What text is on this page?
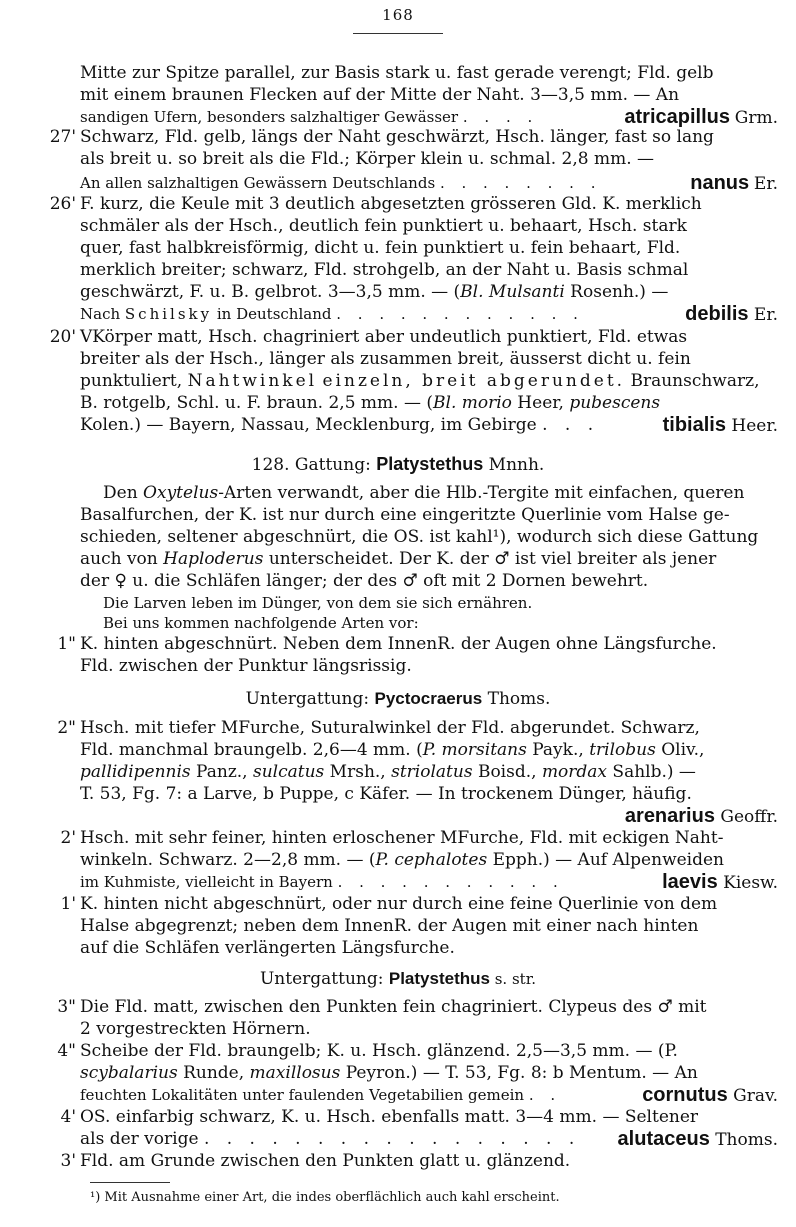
168
Mitte zur Spitze parallel, zur Basis stark u. fast gerade verengt; Fld. gelb
mit einem braunen Flecken auf der Mitte der Naht. 3—3,5 mm. — An
sandigen Ufern, besonders salzhaltiger Gewässer . . . .	atricapillus Grm.
27' Schwarz, Fld. gelb, längs der Naht geschwärzt, Hsch. länger, fast so lang
als breit u. so breit als die Fld.; Körper klein u. schmal. 2,8 mm. —
An allen salzhaltigen Gewässern Deutschlands . . . . . . . .	nanus Er.
26' F. kurz, die Keule mit 3 deutlich abgesetzten grösseren Gld. K. merklich
schmäler als der Hsch., deutlich fein punktiert u. behaart, Hsch. stark
quer, fast halbkreisförmig, dicht u. fein punktiert u. fein behaart, Fld.
merklich breiter; schwarz, Fld. strohgelb, an der Naht u. Basis schmal
geschwärzt, F. u. B. gelbrot. 3—3,5 mm. — (Bl. Mulsanti Rosenh.) —
Nach Schilsky in Deutschland . . . . . . . . . . . .	debilis Er.
20' VKörper matt, Hsch. chagriniert aber undeutlich punktiert, Fld. etwas
breiter als der Hsch., länger als zusammen breit, äusserst dicht u. fein
punktuliert, Nahtwinkel einzeln, breit abgerundet. Braunschwarz,
B. rotgelb, Schl. u. F. braun. 2,5 mm. — (Bl. morio Heer, pubescens
Kolen.) — Bayern, Nassau, Mecklenburg, im Gebirge . . .	tibialis Heer.
128. Gattung: Platystethus Mnnh.
Den Oxytelus-Arten verwandt, aber die Hlb.-Tergite mit einfachen, queren
Basalfurchen, der K. ist nur durch eine eingeritzte Querlinie vom Halse ge-
schieden, seltener abgeschnürt, die OS. ist kahl¹), wodurch sich diese Gattung
auch von Haploderus unterscheidet. Der K. der ♂ ist viel breiter als jener
der ♀ u. die Schläfen länger; der des ♂ oft mit 2 Dornen bewehrt.
Die Larven leben im Dünger, von dem sie sich ernähren.
Bei uns kommen nachfolgende Arten vor:
1" K. hinten abgeschnürt. Neben dem InnenR. der Augen ohne Längsfurche.
Fld. zwischen der Punktur längsrissig.
Untergattung: Pyctocraerus Thoms.
2" Hsch. mit tiefer MFurche, Suturalwinkel der Fld. abgerundet. Schwarz,
Fld. manchmal braungelb. 2,6—4 mm. (P. morsitans Payk., trilobus Oliv.,
pallidipennis Panz., sulcatus Mrsh., striolatus Boisd., mordax Sahlb.) —
T. 53, Fg. 7: a Larve, b Puppe, c Käfer. — In trockenem Dünger, häufig.
arenarius Geoffr.
2' Hsch. mit sehr feiner, hinten erloschener MFurche, Fld. mit eckigen Naht-
winkeln. Schwarz. 2—2,8 mm. — (P. cephalotes Epph.) — Auf Alpenweiden
im Kuhmiste, vielleicht in Bayern . . . . . . . . . . .	laevis Kiesw.
1' K. hinten nicht abgeschnürt, oder nur durch eine feine Querlinie von dem
Halse abgegrenzt; neben dem InnenR. der Augen mit einer nach hinten
auf die Schläfen verlängerten Längsfurche.
Untergattung: Platystethus s. str.
3" Die Fld. matt, zwischen den Punkten fein chagriniert. Clypeus des ♂ mit
2 vorgestreckten Hörnern.
4" Scheibe der Fld. braungelb; K. u. Hsch. glänzend. 2,5—3,5 mm. — (P.
scybalarius Runde, maxillosus Peyron.) — T. 53, Fg. 8: b Mentum. — An
feuchten Lokalitäten unter faulenden Vegetabilien gemein . .	cornutus Grav.
4' OS. einfarbig schwarz, K. u. Hsch. ebenfalls matt. 3—4 mm. — Seltener
als der vorige . . . . . . . . . . . . . . . . . alutaceus Thoms.
3' Fld. am Grunde zwischen den Punkten glatt u. glänzend.
¹) Mit Ausnahme einer Art, die indes oberflächlich auch kahl erscheint.
